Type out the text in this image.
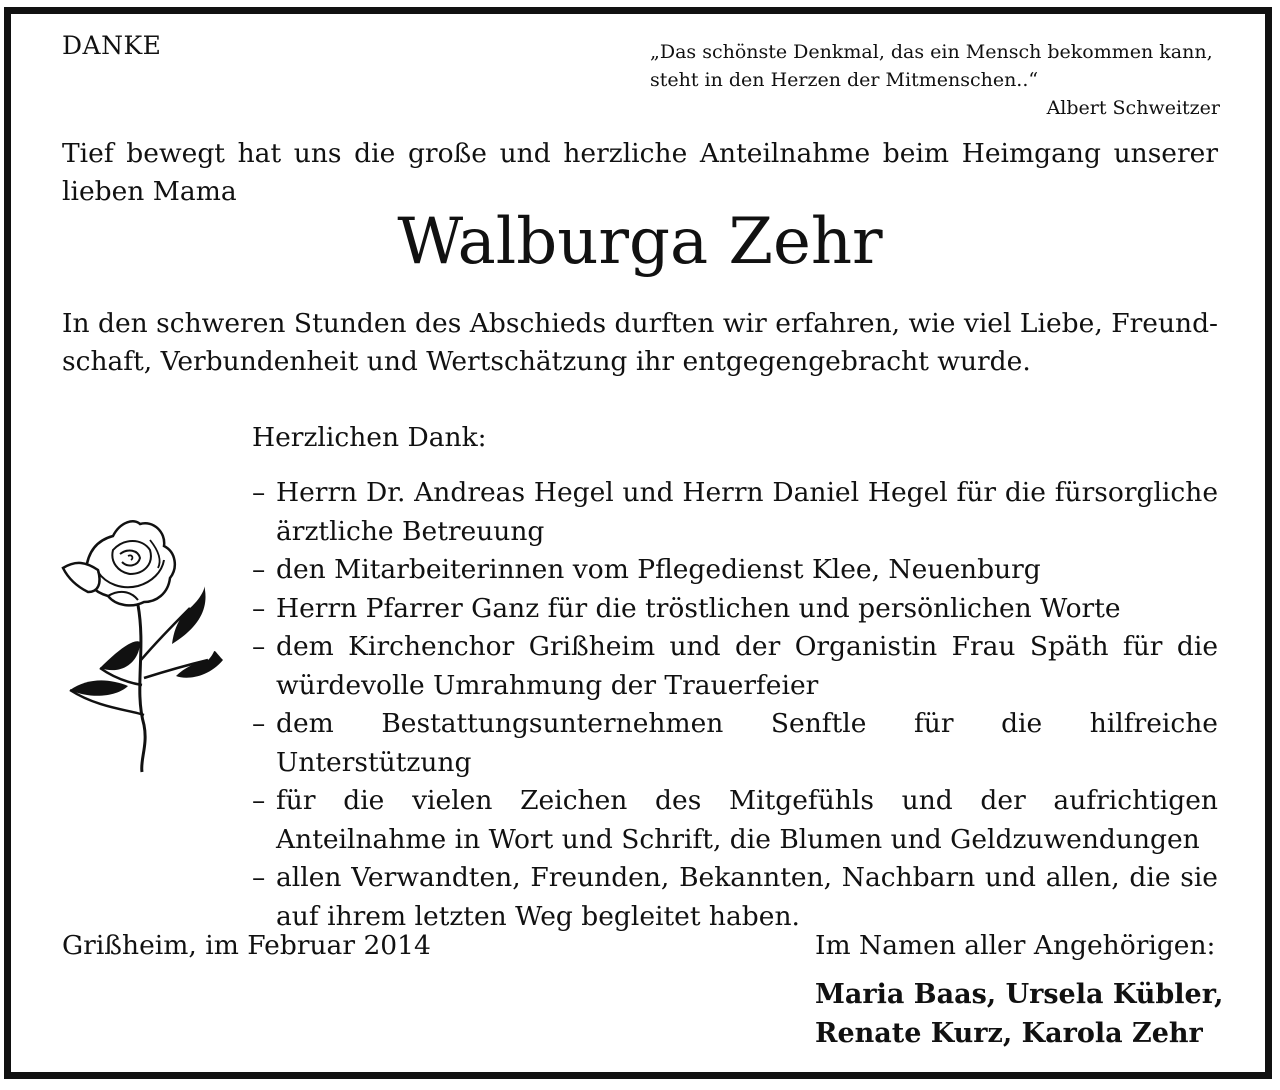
DANKE	„Das schönste Denkmal, das ein Mensch bekommen kann,
steht in den Herzen der Mitmenschen..“
Albert Schweitzer

Tief bewegt hat uns die große und herzliche Anteilnahme beim Heimgang unserer lieben Mama

Walburga Zehr

In den schweren Stunden des Abschieds durften wir erfahren, wie viel Liebe, Freund-schaft, Verbundenheit und Wertschätzung ihr entgegengebracht wurde.

Herzlichen Dank:
– Herrn Dr. Andreas Hegel und Herrn Daniel Hegel für die fürsorgliche ärztliche Betreuung
– den Mitarbeiterinnen vom Pflegedienst Klee, Neuenburg
– Herrn Pfarrer Ganz für die tröstlichen und persönlichen Worte
– dem Kirchenchor Grißheim und der Organistin Frau Späth für die würdevolle Umrahmung der Trauerfeier
– dem Bestattungsunternehmen Senftle für die hilfreiche Unterstützung
– für die vielen Zeichen des Mitgefühls und der aufrichtigen Anteilnahme in Wort und Schrift, die Blumen und Geldzuwendungen
– allen Verwandten, Freunden, Bekannten, Nachbarn und allen, die sie auf ihrem letzten Weg begleitet haben.
Grißheim, im Februar 2014	Im Namen aller Angehörigen:
Maria Baas, Ursela Kübler,
Renate Kurz, Karola Zehr
